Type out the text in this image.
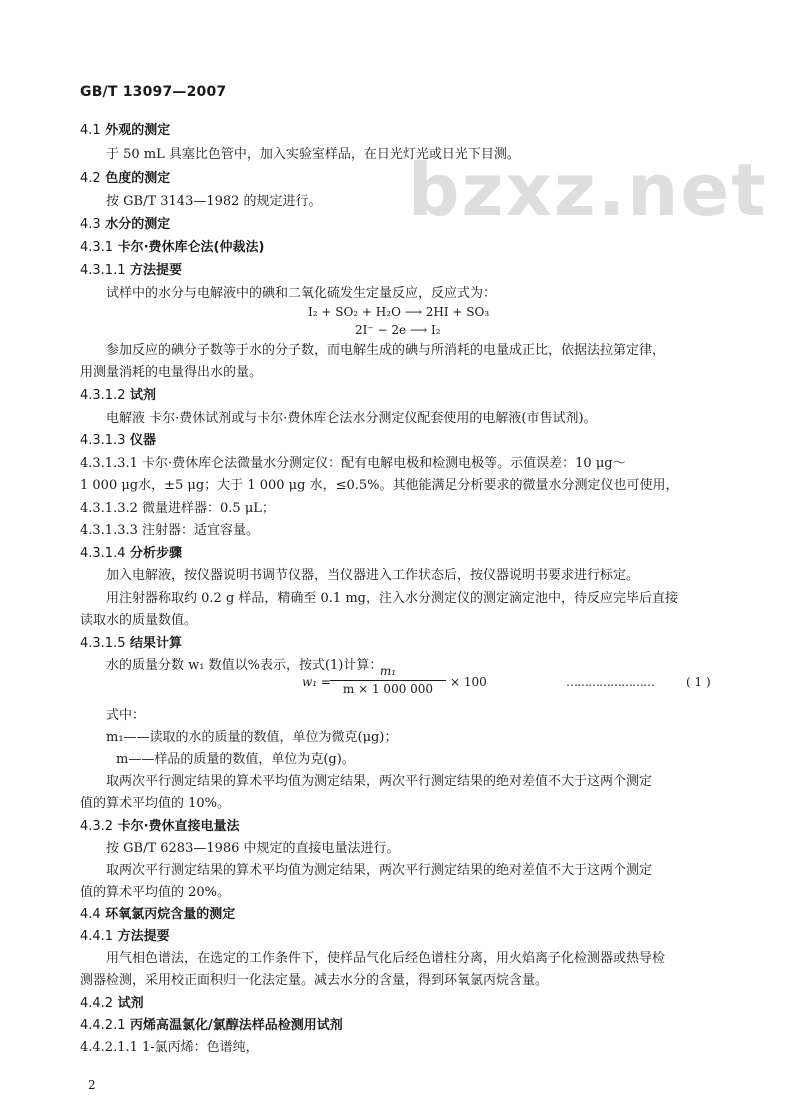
GB/T 13097—2007
bzxz.net
4.1 外观的测定
于 50 mL 具塞比色管中，加入实验室样品，在日光灯光或日光下目测。
4.2 色度的测定
按 GB/T 3143—1982 的规定进行。
4.3 水分的测定
4.3.1 卡尔·费休库仑法(仲裁法)
4.3.1.1 方法提要
试样中的水分与电解液中的碘和二氧化硫发生定量反应，反应式为：
I₂ + SO₂ + H₂O ⟶ 2HI + SO₃
2I⁻ − 2e ⟶ I₂
参加反应的碘分子数等于水的分子数，而电解生成的碘与所消耗的电量成正比，依据法拉第定律，
用测量消耗的电量得出水的量。
4.3.1.2 试剂
电解液 卡尔·费休试剂或与卡尔·费休库仑法水分测定仪配套使用的电解液(市售试剂)。
4.3.1.3 仪器
4.3.1.3.1 卡尔·费休库仑法微量水分测定仪：配有电解电极和检测电极等。示值误差：10 μg～
1 000 μg水，±5 μg；大于 1 000 μg 水，≤0.5%。其他能满足分析要求的微量水分测定仪也可使用，
4.3.1.3.2 微量进样器：0.5 μL；
4.3.1.3.3 注射器：适宜容量。
4.3.1.4 分析步骤
加入电解液，按仪器说明书调节仪器，当仪器进入工作状态后，按仪器说明书要求进行标定。
用注射器称取约 0.2 g 样品，精确至 0.1 mg，注入水分测定仪的测定滴定池中，待反应完毕后直接
读取水的质量数值。
4.3.1.5 结果计算
水的质量分数 w₁ 数值以%表示，按式(1)计算：
w₁ =
m₁
m × 1 000 000	× 100	……………………	( 1 )
式中：
m₁——读取的水的质量的数值，单位为微克(μg)；
m——样品的质量的数值，单位为克(g)。
取两次平行测定结果的算术平均值为测定结果，两次平行测定结果的绝对差值不大于这两个测定
值的算术平均值的 10%。
4.3.2 卡尔·费休直接电量法
按 GB/T 6283—1986 中规定的直接电量法进行。
取两次平行测定结果的算术平均值为测定结果，两次平行测定结果的绝对差值不大于这两个测定
值的算术平均值的 20%。
4.4 环氧氯丙烷含量的测定
4.4.1 方法提要
用气相色谱法，在选定的工作条件下，使样品气化后经色谱柱分离，用火焰离子化检测器或热导检
测器检测，采用校正面积归一化法定量。减去水分的含量，得到环氧氯丙烷含量。
4.4.2 试剂
4.4.2.1 丙烯高温氯化/氯醇法样品检测用试剂
4.4.2.1.1 1-氯丙烯：色谱纯，
2
